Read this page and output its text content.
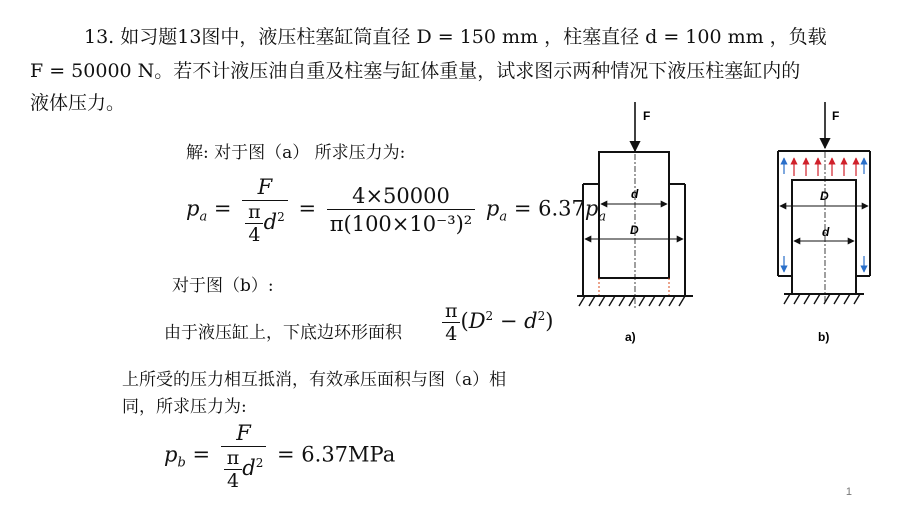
13. 如习题13图中，液压柱塞缸筒直径 D = 150 mm ，柱塞直径 d = 100 mm ，负载
F = 50000 N。若不计液压油自重及柱塞与缸体重量，试求图示两种情况下液压柱塞缸内的
液体压力。
解: 对于图（a） 所求压力为:
$p_a = \frac{F}{\frac{\pi}{4} d^2} = \frac{4\times 50000}{\text{π(100×10⁻³)²}} p_a = 6.37p_a$
对于图（b）:
由于液压缸上，下底边环形面积 $\frac{\pi}{4} (D^2 - d^2)$
上所受的压力相互抵消，有效承压面积与图（a）相
同，所求压力为:
$p_b = \frac{F}{\frac{\pi}{4} d^2} = 6.37MPa$
F
d
D
a)
F
D
d
b)
1
